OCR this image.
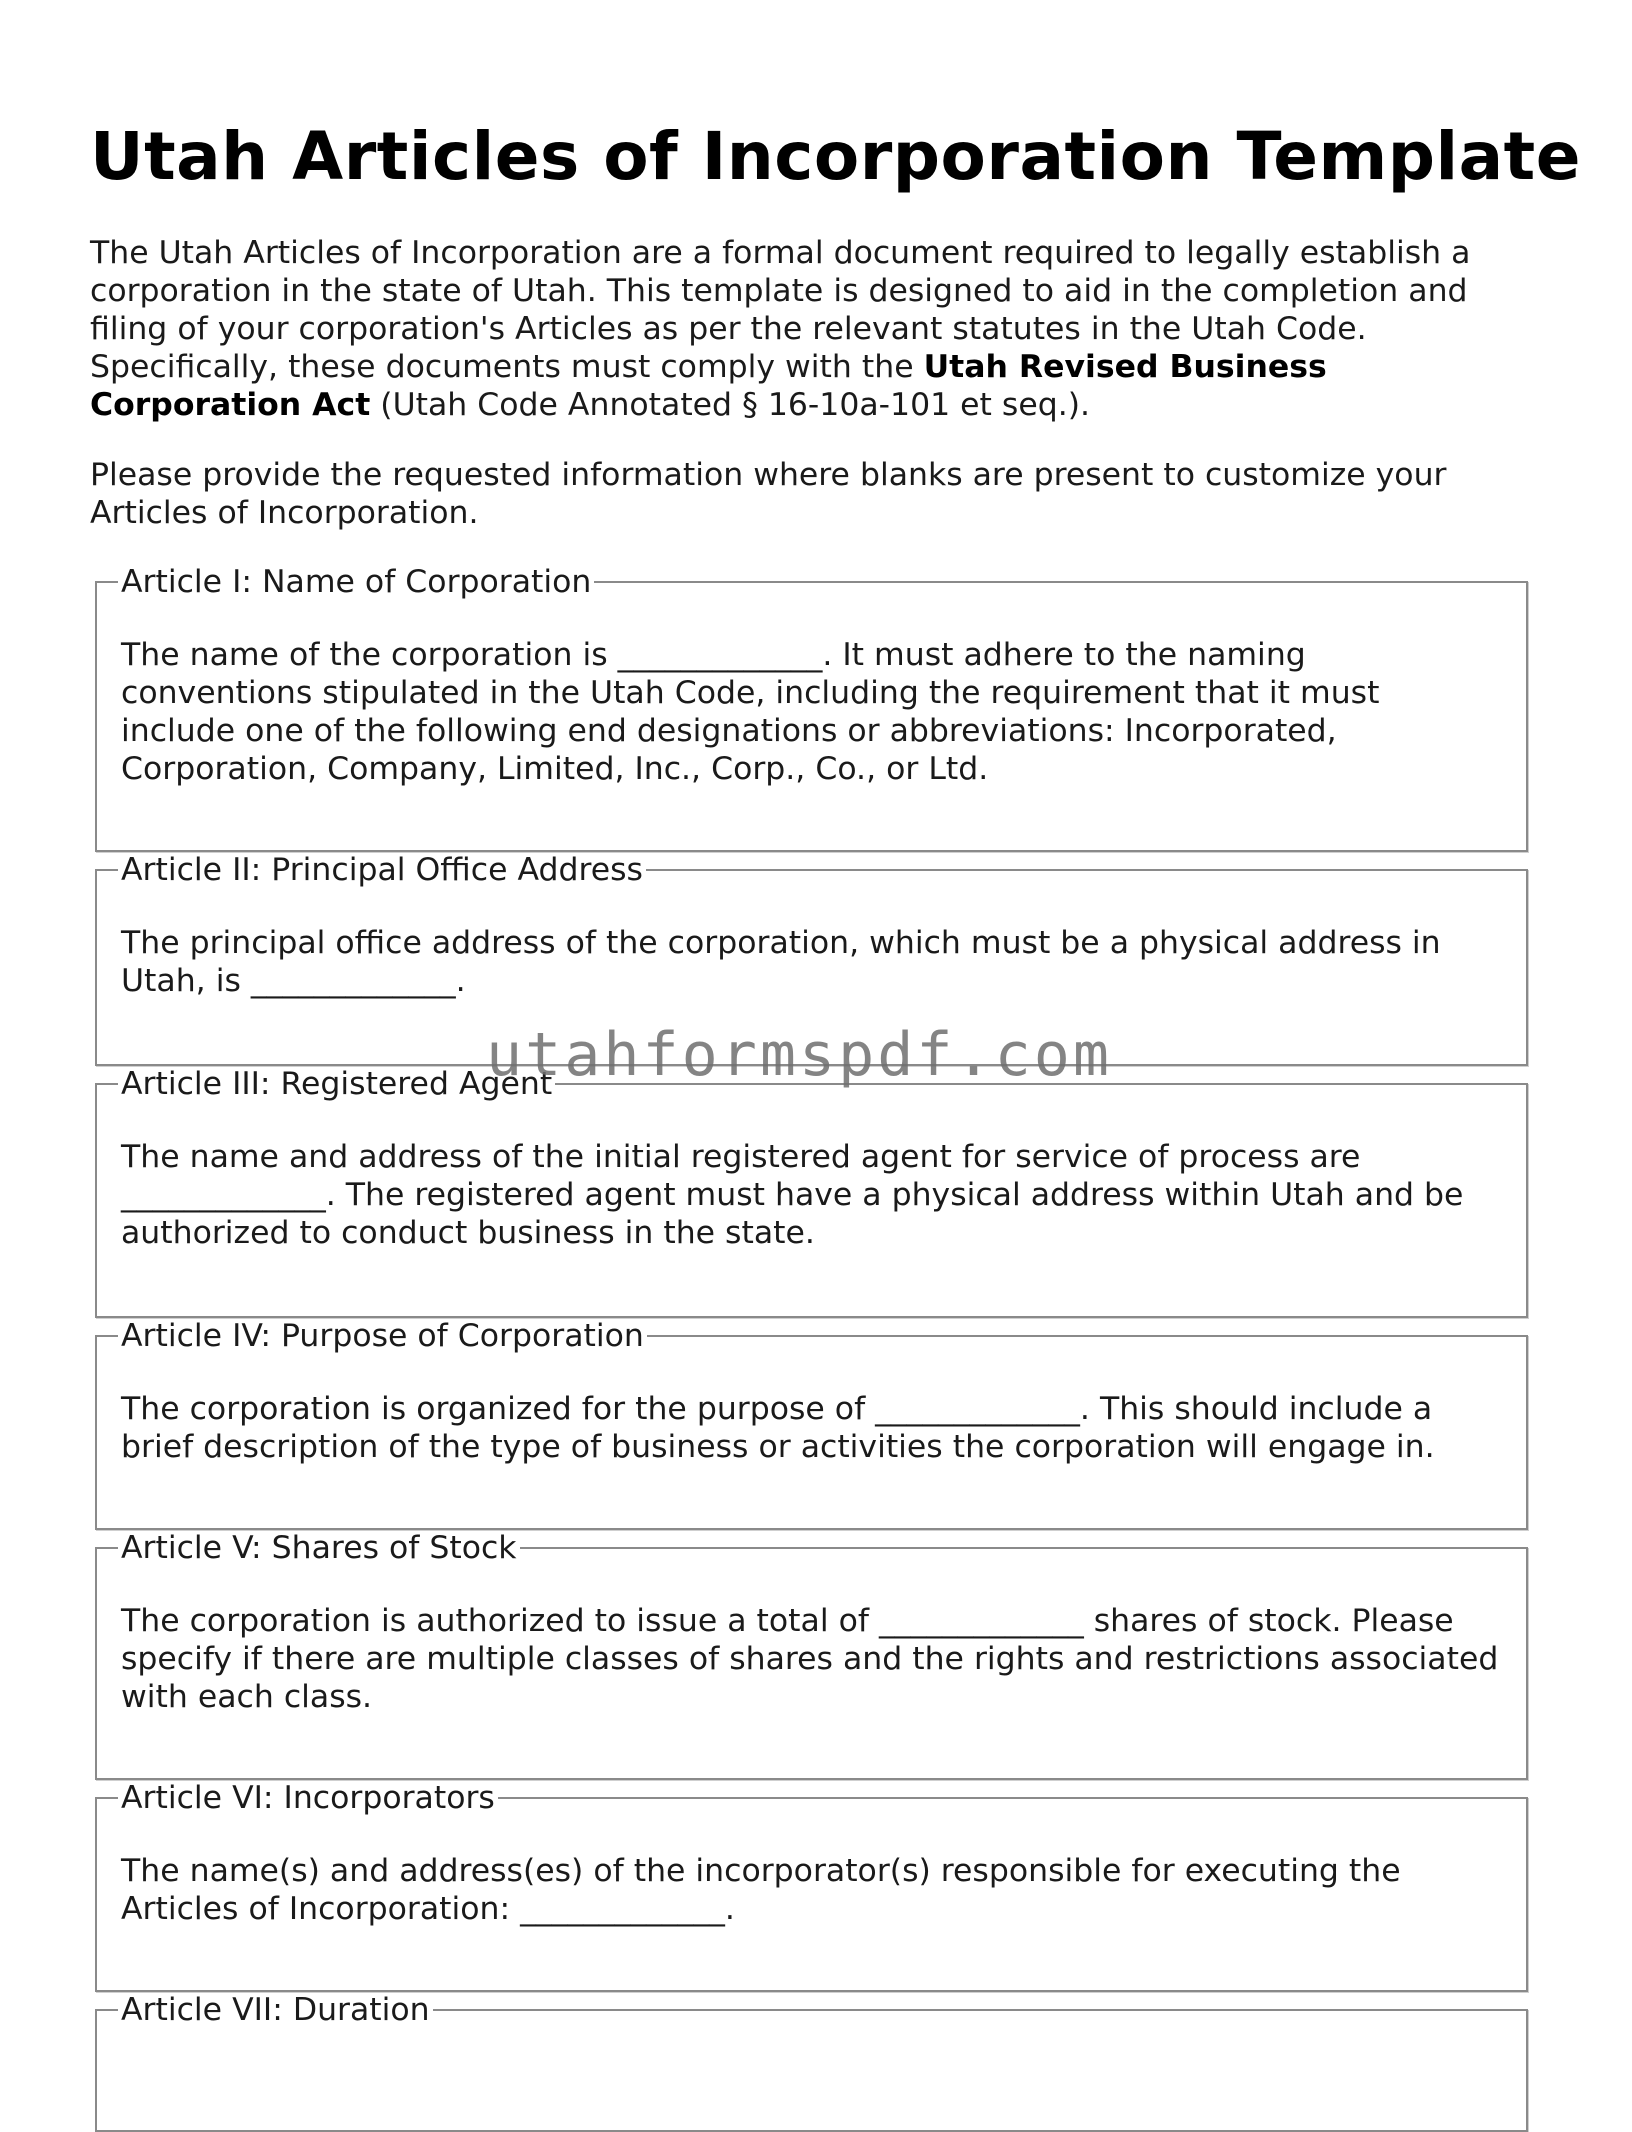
Utah Articles of Incorporation Template

The Utah Articles of Incorporation are a formal document required to legally establish a corporation in the state of Utah. This template is designed to aid in the completion and filing of your corporation's Articles as per the relevant statutes in the Utah Code. Specifically, these documents must comply with the Utah Revised Business Corporation Act (Utah Code Annotated § 16-10a-101 et seq.).

Please provide the requested information where blanks are present to customize your Articles of Incorporation.

Article I: Name of Corporation

The name of the corporation is _____________. It must adhere to the naming conventions stipulated in the Utah Code, including the requirement that it must include one of the following end designations or abbreviations: Incorporated, Corporation, Company, Limited, Inc., Corp., Co., or Ltd.

Article II: Principal Office Address

The principal office address of the corporation, which must be a physical address in Utah, is _____________.

Article III: Registered Agent

The name and address of the initial registered agent for service of process are _____________. The registered agent must have a physical address within Utah and be authorized to conduct business in the state.

Article IV: Purpose of Corporation

The corporation is organized for the purpose of _____________. This should include a brief description of the type of business or activities the corporation will engage in.

Article V: Shares of Stock

The corporation is authorized to issue a total of _____________ shares of stock. Please specify if there are multiple classes of shares and the rights and restrictions associated with each class.

Article VI: Incorporators

The name(s) and address(es) of the incorporator(s) responsible for executing the Articles of Incorporation: _____________.

Article VII: Duration
utahformspdf.com
